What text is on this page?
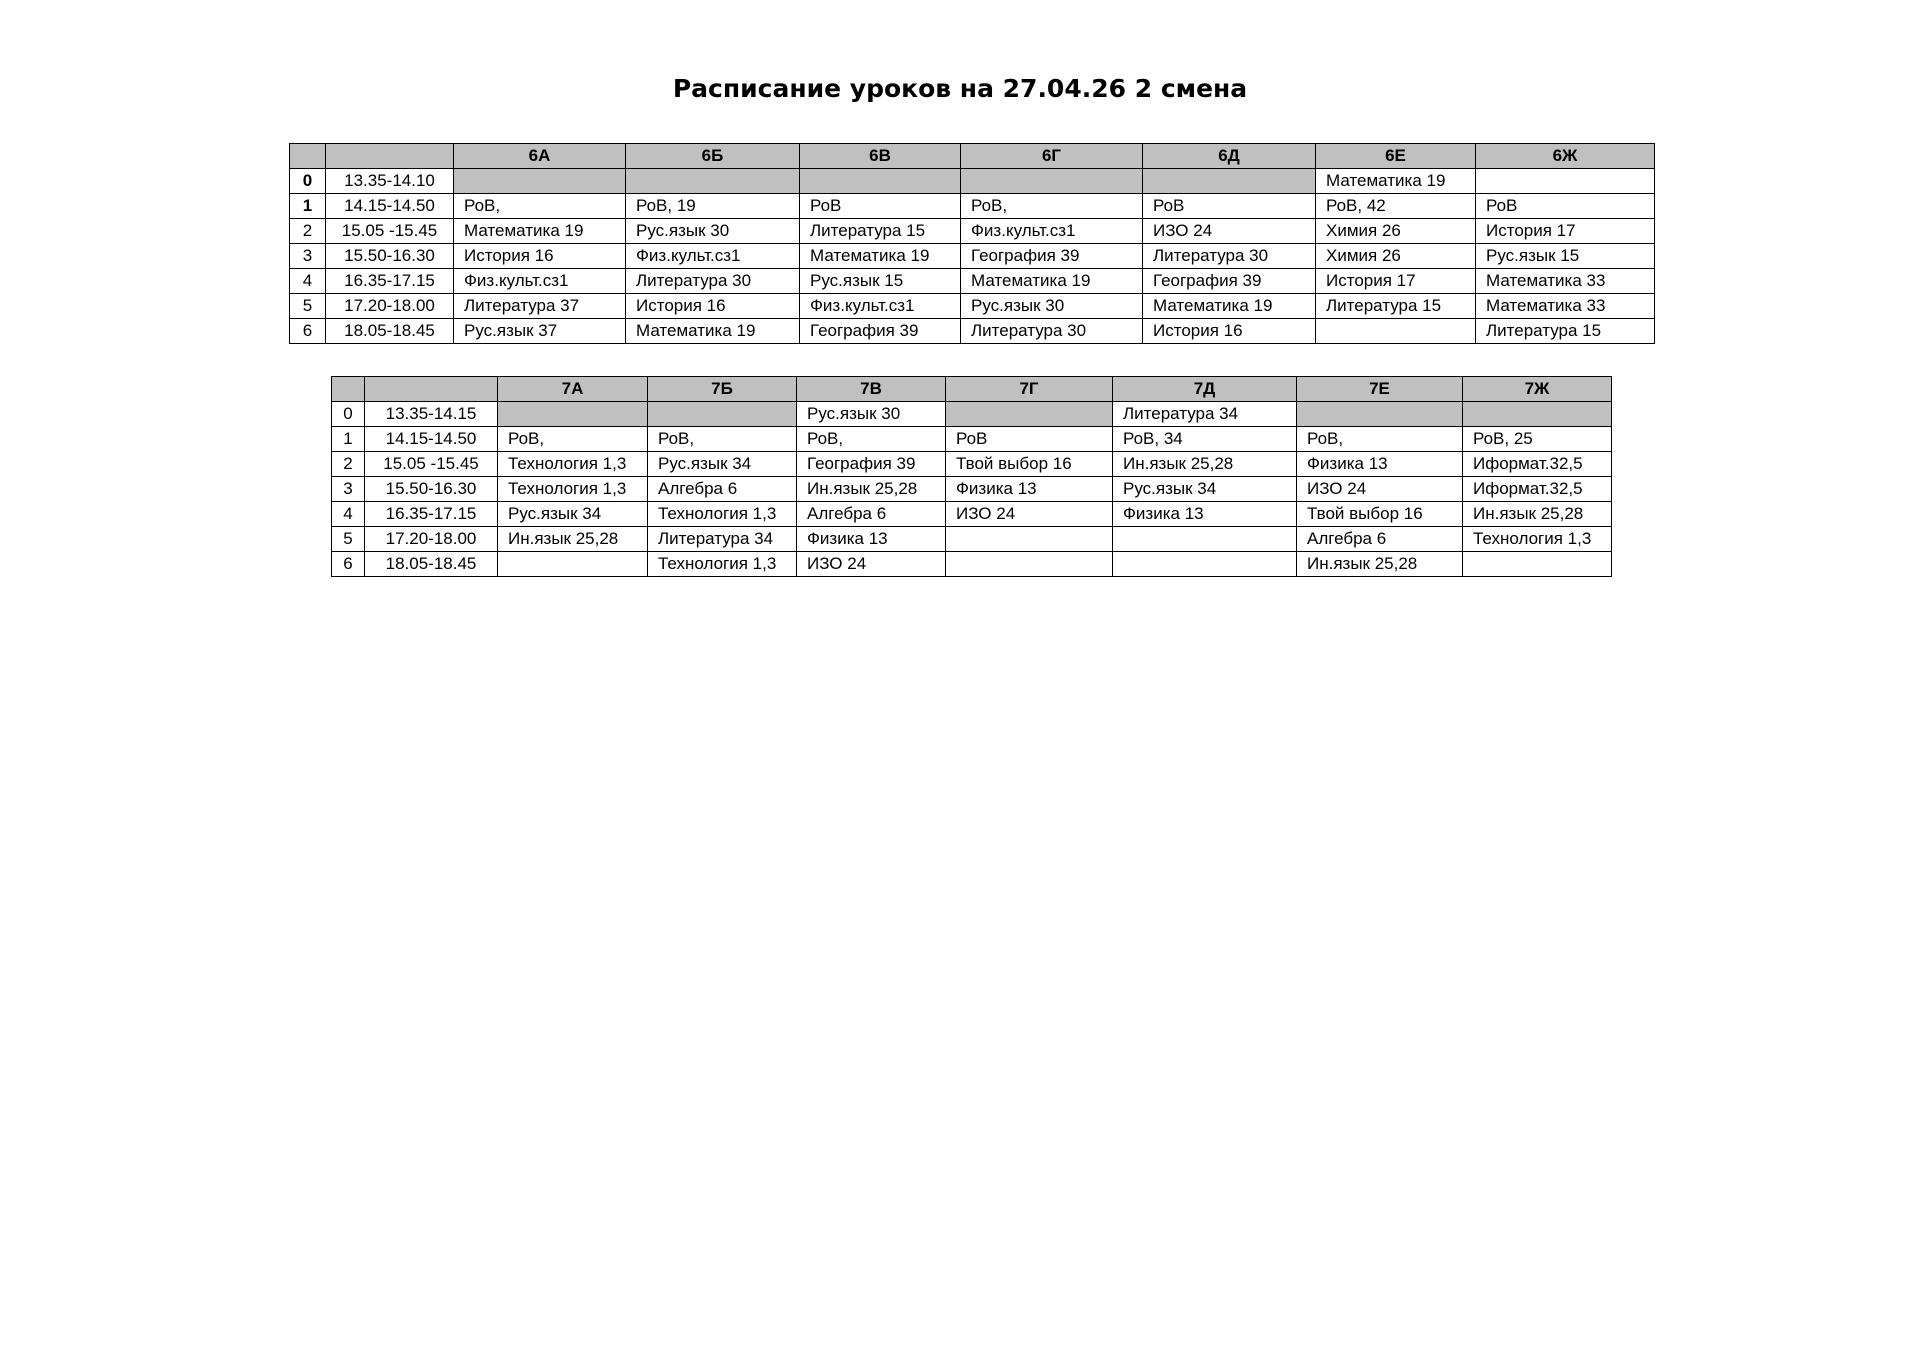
Расписание уроков на 27.04.26 2 смена
		6А	6Б	6В	6Г	6Д	6Е	6Ж
0	13.35-14.10						Математика 19	
1	14.15-14.50	РоВ,	РоВ, 19	РоВ	РоВ,	РоВ	РоВ, 42	РоВ
2	15.05 -15.45	Математика 19	Рус.язык 30	Литература 15	Физ.культ.сз1	ИЗО 24	Химия 26	История 17
3	15.50-16.30	История 16	Физ.культ.сз1	Математика 19	География 39	Литература 30	Химия 26	Рус.язык 15
4	16.35-17.15	Физ.культ.сз1	Литература 30	Рус.язык 15	Математика 19	География 39	История 17	Математика 33
5	17.20-18.00	Литература 37	История 16	Физ.культ.сз1	Рус.язык 30	Математика 19	Литература 15	Математика 33
6	18.05-18.45	Рус.язык 37	Математика 19	География 39	Литература 30	История 16		Литература 15
		7А	7Б	7В	7Г	7Д	7Е	7Ж
0	13.35-14.15			Рус.язык 30		Литература 34		
1	14.15-14.50	РоВ,	РоВ,	РоВ,	РоВ	РоВ, 34	РоВ,	РоВ, 25
2	15.05 -15.45	Технология 1,3	Рус.язык 34	География 39	Твой выбор 16	Ин.язык 25,28	Физика 13	Иформат.32,5
3	15.50-16.30	Технология 1,3	Алгебра 6	Ин.язык 25,28	Физика 13	Рус.язык 34	ИЗО 24	Иформат.32,5
4	16.35-17.15	Рус.язык 34	Технология 1,3	Алгебра 6	ИЗО 24	Физика 13	Твой выбор 16	Ин.язык 25,28
5	17.20-18.00	Ин.язык 25,28	Литература 34	Физика 13			Алгебра 6	Технология 1,3
6	18.05-18.45		Технология 1,3	ИЗО 24			Ин.язык 25,28	
